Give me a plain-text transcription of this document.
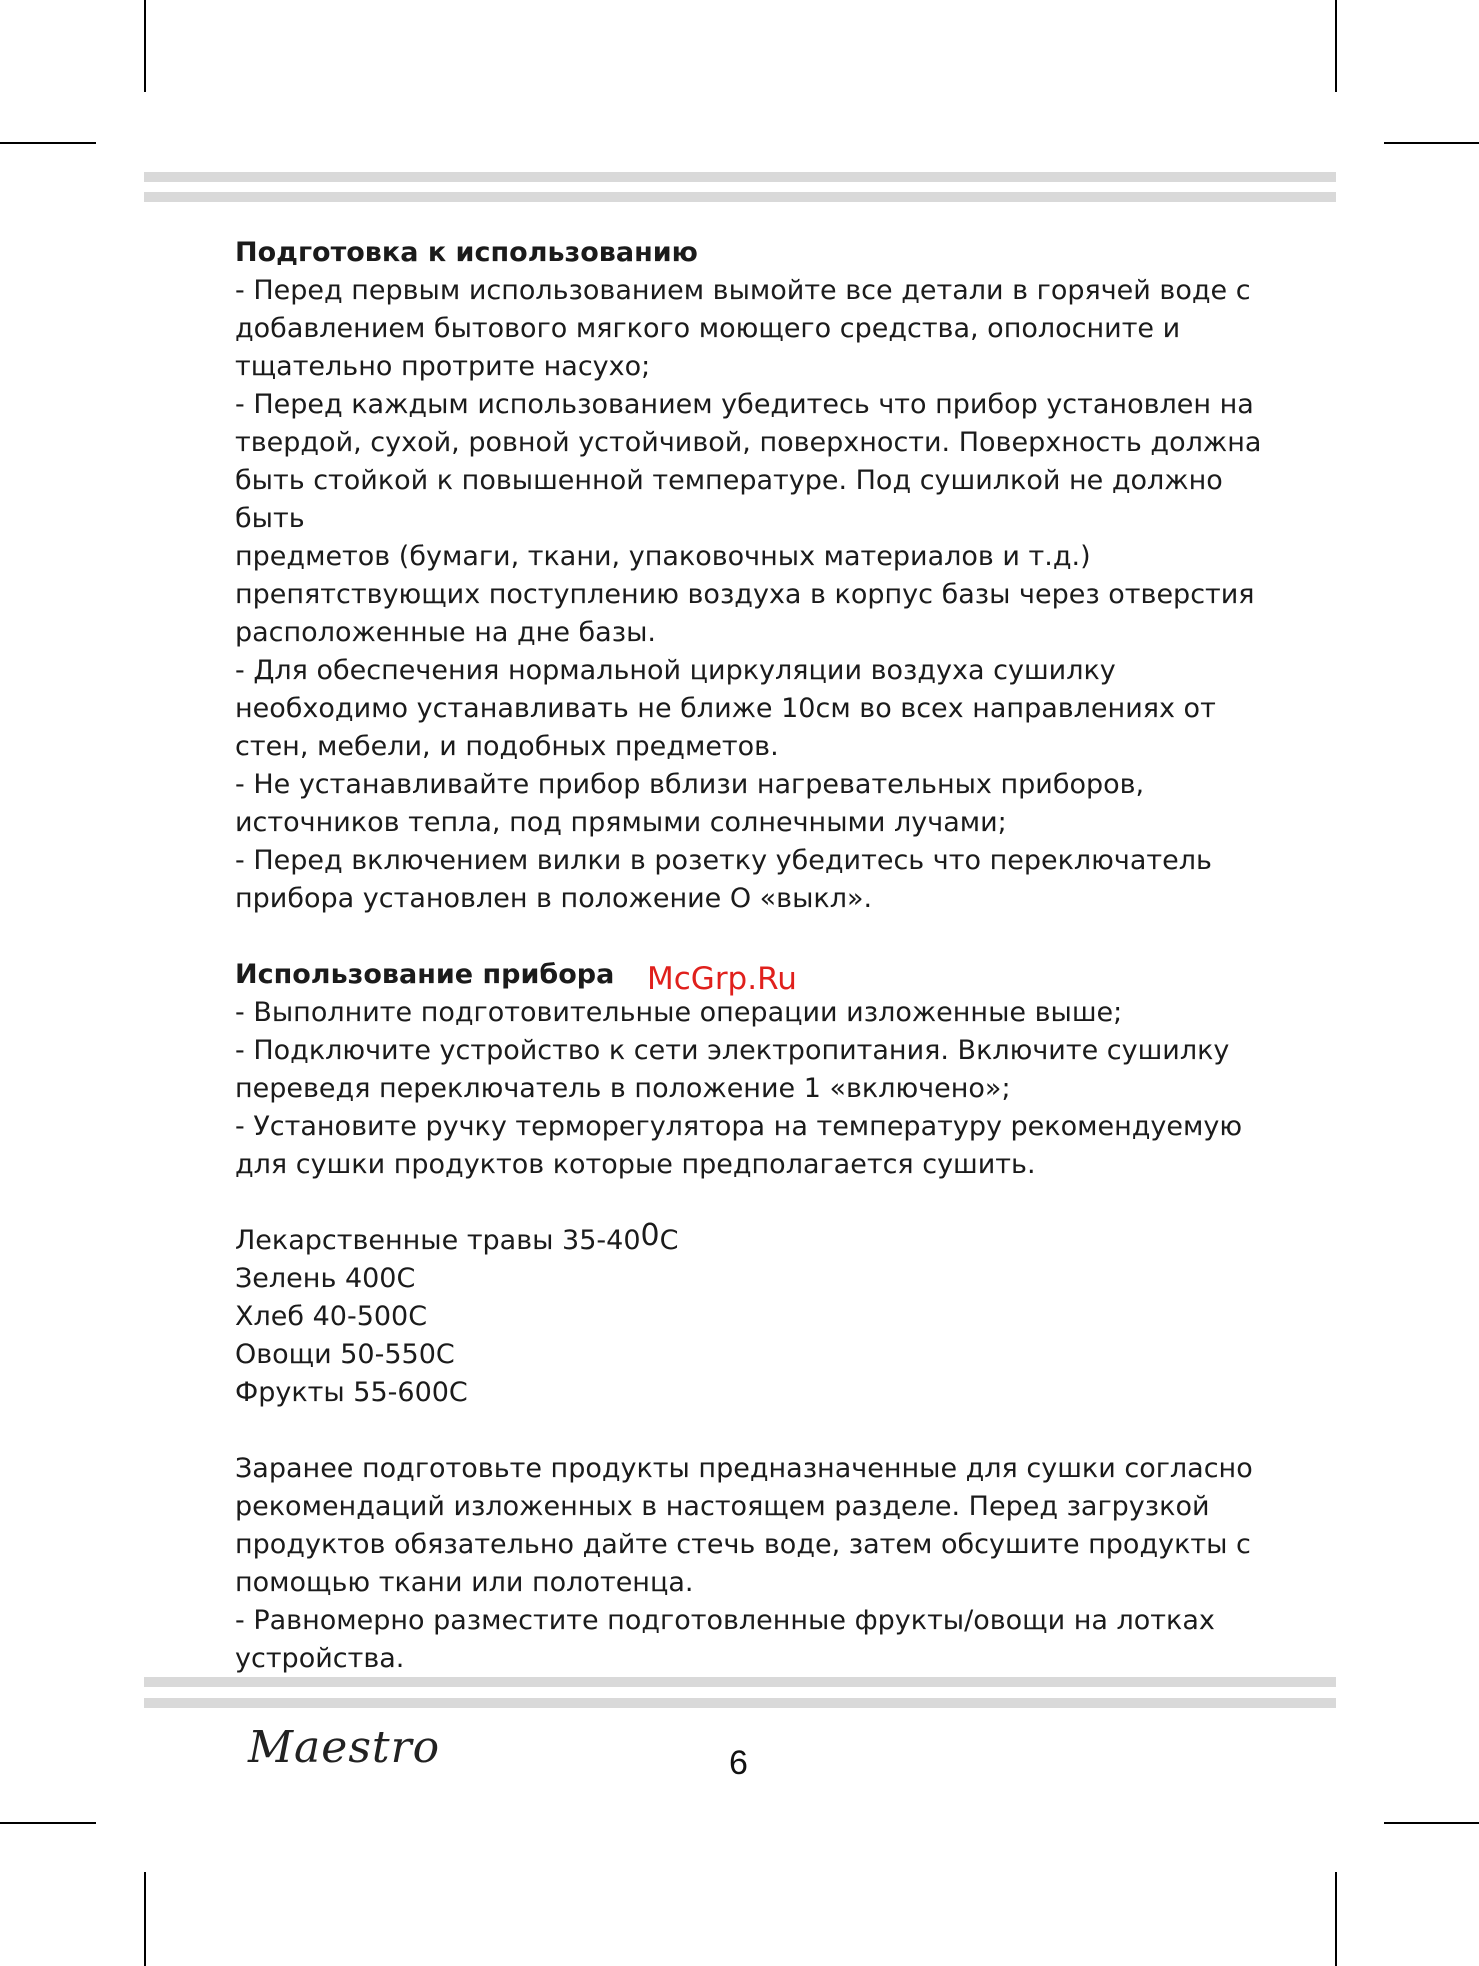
Подготовка к использованию

- Перед первым использованием вымойте все детали в горячей воде с

добавлением бытового мягкого моющего средства, ополосните и

тщательно протрите насухо;

- Перед каждым использованием убедитесь что прибор установлен на

твердой, сухой, ровной устойчивой, поверхности. Поверхность должна

быть стойкой к повышенной температуре. Под сушилкой не должно быть

предметов (бумаги, ткани, упаковочных материалов и т.д.)

препятствующих поступлению воздуха в корпус базы через отверстия

расположенные на дне базы.

- Для обеспечения нормальной циркуляции воздуха сушилку

необходимо устанавливать не ближе 10см во всех направлениях от

стен, мебели, и подобных предметов.

- Не устанавливайте прибор вблизи нагревательных приборов,

источников тепла, под прямыми солнечными лучами;

- Перед включением вилки в розетку убедитесь что переключатель

прибора установлен в положение О «выкл».

Использование прибора

- Выполните подготовительные операции изложенные выше;

- Подключите устройство к сети электропитания. Включите сушилку

переведя переключатель в положение 1 «включено»;

- Установите ручку терморегулятора на температуру рекомендуемую

для сушки продуктов которые предполагается сушить.

Лекарственные травы $35-40^0С$

Зелень 400С

Хлеб 40-500С

Овощи 50-550С

Фрукты 55-600С

Заранее подготовьте продукты предназначенные для сушки согласно

рекомендаций изложенных в настоящем разделе. Перед загрузкой

продуктов обязательно дайте стечь воде, затем обсушите продукты с

помощью ткани или полотенца.

- Равномерно разместите подготовленные фрукты/овощи на лотках

устройства.

McGrp.Ru
Maestro	6
